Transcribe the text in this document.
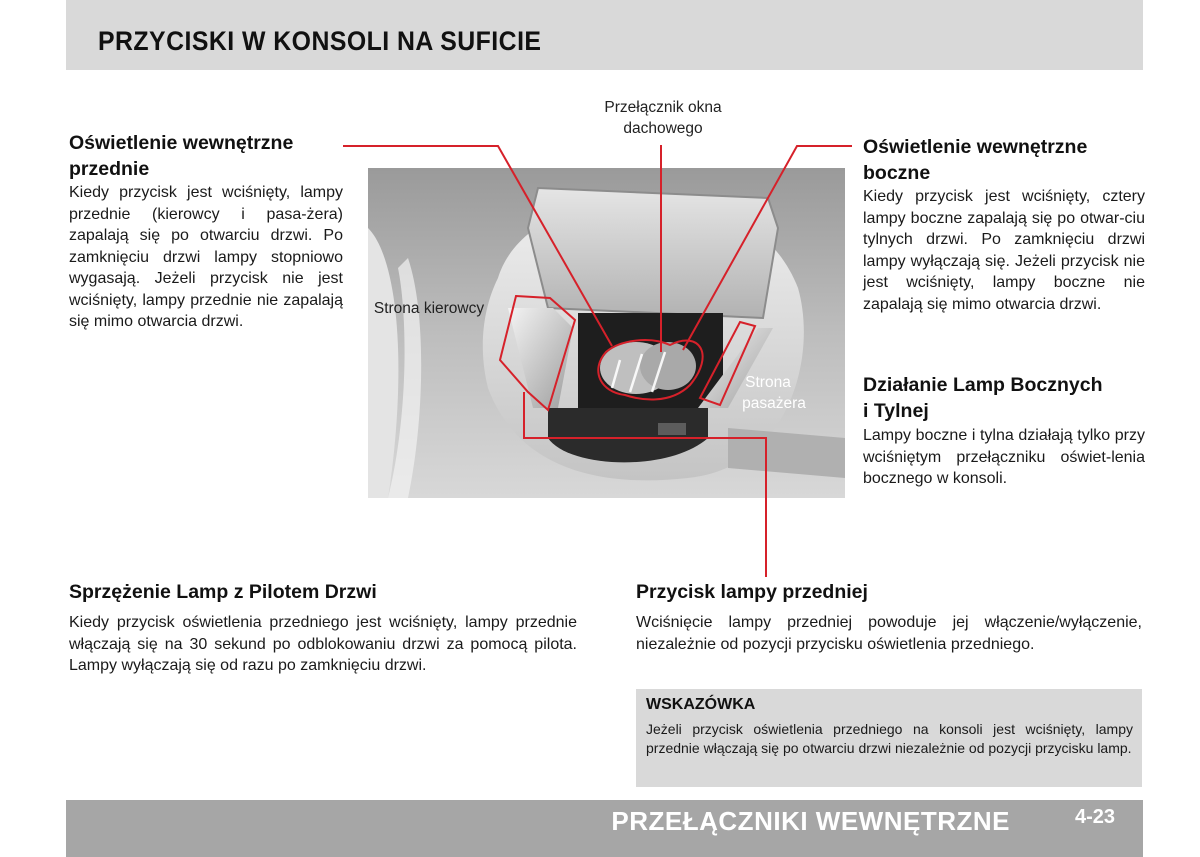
PRZYCISKI W KONSOLI NA SUFICIE

Oświetlenie wewnętrzne

przednie

Kiedy przycisk jest wciśnięty, lampy przednie (kierowcy i pasa-żera) zapalają się po otwarciu drzwi. Po zamknięciu drzwi lampy stopniowo wygasają. Jeżeli przycisk nie jest wciśnięty, lampy przednie nie zapalają się mimo otwarcia drzwi.

Oświetlenie wewnętrzne

boczne

Kiedy przycisk jest wciśnięty, cztery lampy boczne zapalają się po otwar-ciu tylnych drzwi. Po zamknięciu drzwi lampy wyłączają się. Jeżeli przycisk nie jest wciśnięty, lampy boczne nie zapalają się mimo otwarcia drzwi.

Działanie Lamp Bocznych

i Tylnej

Lampy boczne i tylna działają tylko przy wciśniętym przełączniku oświet-lenia bocznego w konsoli.

Przełącznik okna

dachowego

Strona kierowcy

Strona

pasażera

Sprzężenie Lamp z Pilotem Drzwi

Kiedy przycisk oświetlenia przedniego jest wciśnięty, lampy przednie włączają się na 30 sekund po odblokowaniu drzwi za pomocą pilota. Lampy wyłączają się od razu po zamknięciu drzwi.

Przycisk lampy przedniej

Wciśnięcie lampy przedniej powoduje jej włączenie/wyłączenie, niezależnie od pozycji przycisku oświetlenia przedniego.

WSKAZÓWKA

Jeżeli przycisk oświetlenia przedniego na konsoli jest wciśnięty, lampy przednie włączają się po otwarciu drzwi niezależnie od pozycji przycisku lamp.

PRZEŁĄCZNIKI WEWNĘTRZNE	4-23
